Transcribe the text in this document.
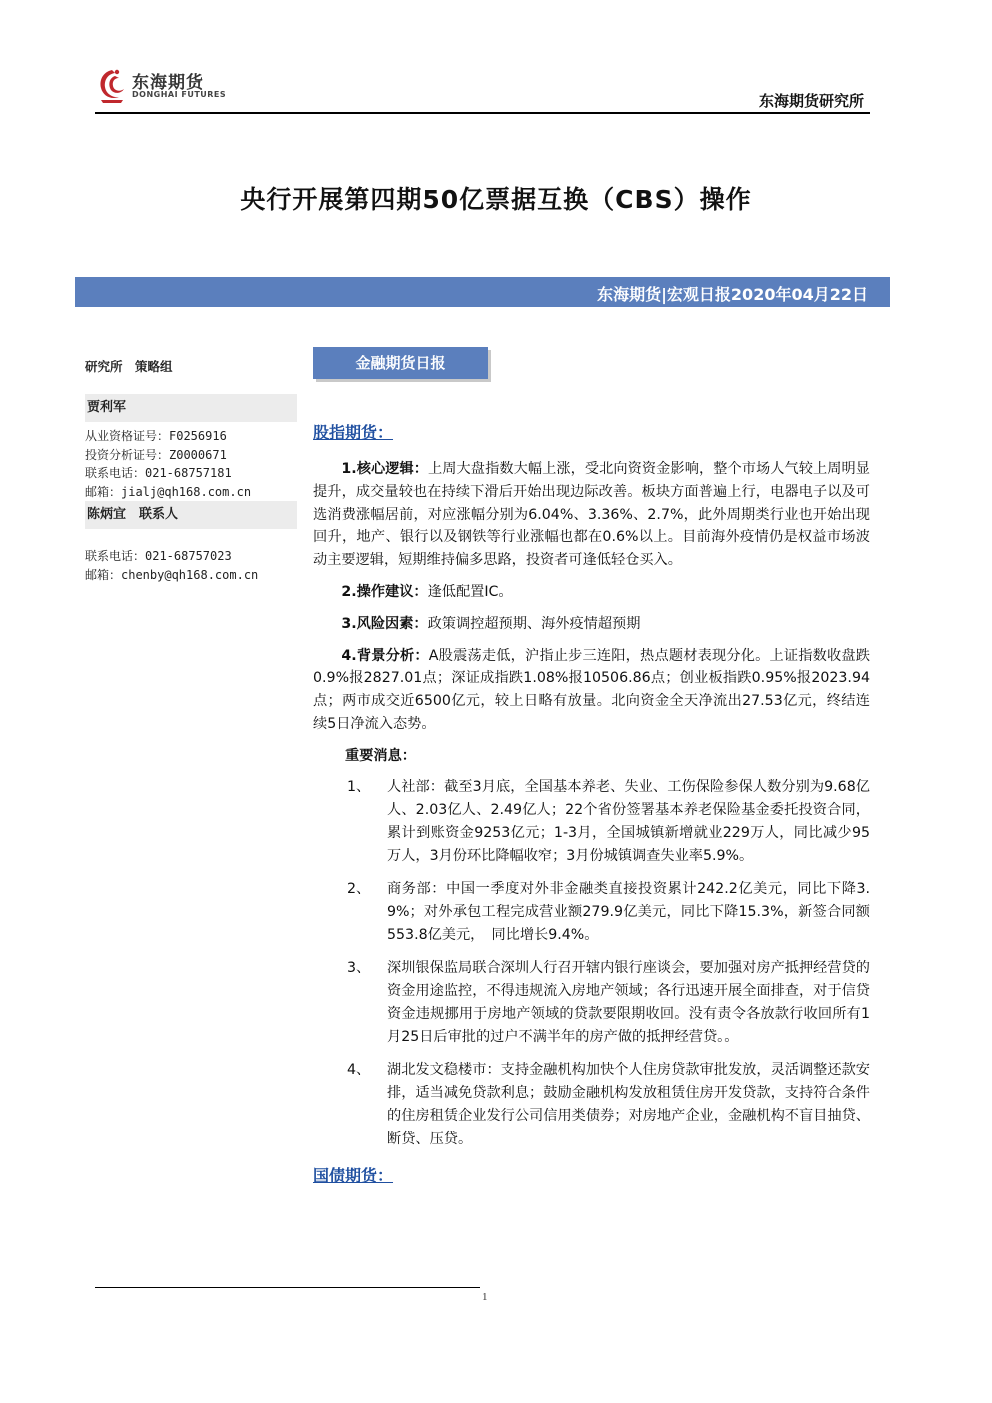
东海期货
DONGHAI FUTURES	东海期货研究所
央行开展第四期50亿票据互换（CBS）操作
东海期货|宏观日报2020年04月22日
研究所　策略组
贾利军
从业资格证号：F0256916
投资分析证号：Z0000671
联系电话：021-68757181
邮箱：jialj@qh168.com.cn
陈炳宜　联系人
联系电话：021-68757023
邮箱：chenby@qh168.com.cn
金融期货日报
股指期货：

1.核心逻辑：上周大盘指数大幅上涨，受北向资资金影响，整个市场人气较上周明显提升，成交量较也在持续下滑后开始出现边际改善。板块方面普遍上行，电器电子以及可选消费涨幅居前，对应涨幅分别为6.04%、3.36%、2.7%，此外周期类行业也开始出现回升，地产、银行以及钢铁等行业涨幅也都在0.6%以上。目前海外疫情仍是权益市场波动主要逻辑，短期维持偏多思路，投资者可逢低轻仓买入。

2.操作建议：逢低配置IC。

3.风险因素：政策调控超预期、海外疫情超预期

4.背景分析：A股震荡走低，沪指止步三连阳，热点题材表现分化。上证指数收盘跌0.9%报2827.01点；深证成指跌1.08%报10506.86点；创业板指跌0.95%报2023.94点；两市成交近6500亿元，较上日略有放量。北向资金全天净流出27.53亿元，终结连续5日净流入态势。

重要消息：
1、	人社部：截至3月底，全国基本养老、失业、工伤保险参保人数分别为9.68亿人、2.03亿人、2.49亿人；22个省份签署基本养老保险基金委托投资合同，累计到账资金9253亿元；1-3月，全国城镇新增就业229万人，同比减少95万人，3月份环比降幅收窄；3月份城镇调查失业率5.9%。
2、	商务部：中国一季度对外非金融类直接投资累计242.2亿美元，同比下降3.9%；对外承包工程完成营业额279.9亿美元，同比下降15.3%，新签合同额553.8亿美元，　同比增长9.4%。
3、	深圳银保监局联合深圳人行召开辖内银行座谈会，要加强对房产抵押经营贷的资金用途监控，不得违规流入房地产领域；各行迅速开展全面排查，对于信贷资金违规挪用于房地产领域的贷款要限期收回。没有责令各放款行收回所有1月25日后审批的过户不满半年的房产做的抵押经营贷。。
4、	湖北发文稳楼市：支持金融机构加快个人住房贷款审批发放，灵活调整还款安排，适当减免贷款利息；鼓励金融机构发放租赁住房开发贷款，支持符合条件的住房租赁企业发行公司信用类债券；对房地产企业，金融机构不盲目抽贷、断贷、压贷。
国债期货：
1
